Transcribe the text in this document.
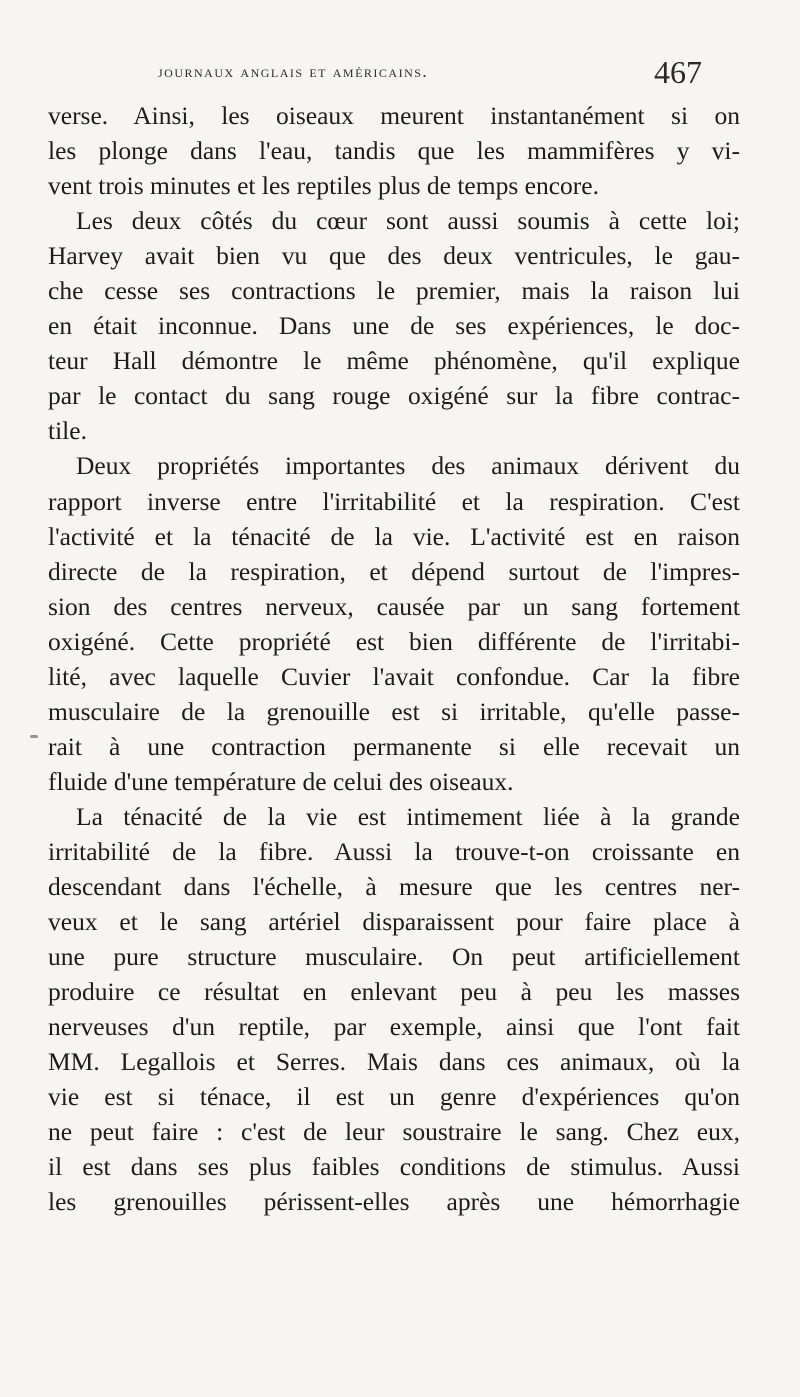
journaux anglais et américains.	467
verse. Ainsi, les oiseaux meurent instantanément si on
les plonge dans l'eau, tandis que les mammifères y vi-
vent trois minutes et les reptiles plus de temps encore.
Les deux côtés du cœur sont aussi soumis à cette loi;
Harvey avait bien vu que des deux ventricules, le gau-
che cesse ses contractions le premier, mais la raison lui
en était inconnue. Dans une de ses expériences, le doc-
teur Hall démontre le même phénomène, qu'il explique
par le contact du sang rouge oxigéné sur la fibre contrac-
tile.
Deux propriétés importantes des animaux dérivent du
rapport inverse entre l'irritabilité et la respiration. C'est
l'activité et la ténacité de la vie. L'activité est en raison
directe de la respiration, et dépend surtout de l'impres-
sion des centres nerveux, causée par un sang fortement
oxigéné. Cette propriété est bien différente de l'irritabi-
lité, avec laquelle Cuvier l'avait confondue. Car la fibre
musculaire de la grenouille est si irritable, qu'elle passe-
rait à une contraction permanente si elle recevait un
fluide d'une température de celui des oiseaux.
La ténacité de la vie est intimement liée à la grande
irritabilité de la fibre. Aussi la trouve-t-on croissante en
descendant dans l'échelle, à mesure que les centres ner-
veux et le sang artériel disparaissent pour faire place à
une pure structure musculaire. On peut artificiellement
produire ce résultat en enlevant peu à peu les masses
nerveuses d'un reptile, par exemple, ainsi que l'ont fait
MM. Legallois et Serres. Mais dans ces animaux, où la
vie est si ténace, il est un genre d'expériences qu'on
ne peut faire : c'est de leur soustraire le sang. Chez eux,
il est dans ses plus faibles conditions de stimulus. Aussi
les grenouilles périssent-elles après une hémorrhagie
